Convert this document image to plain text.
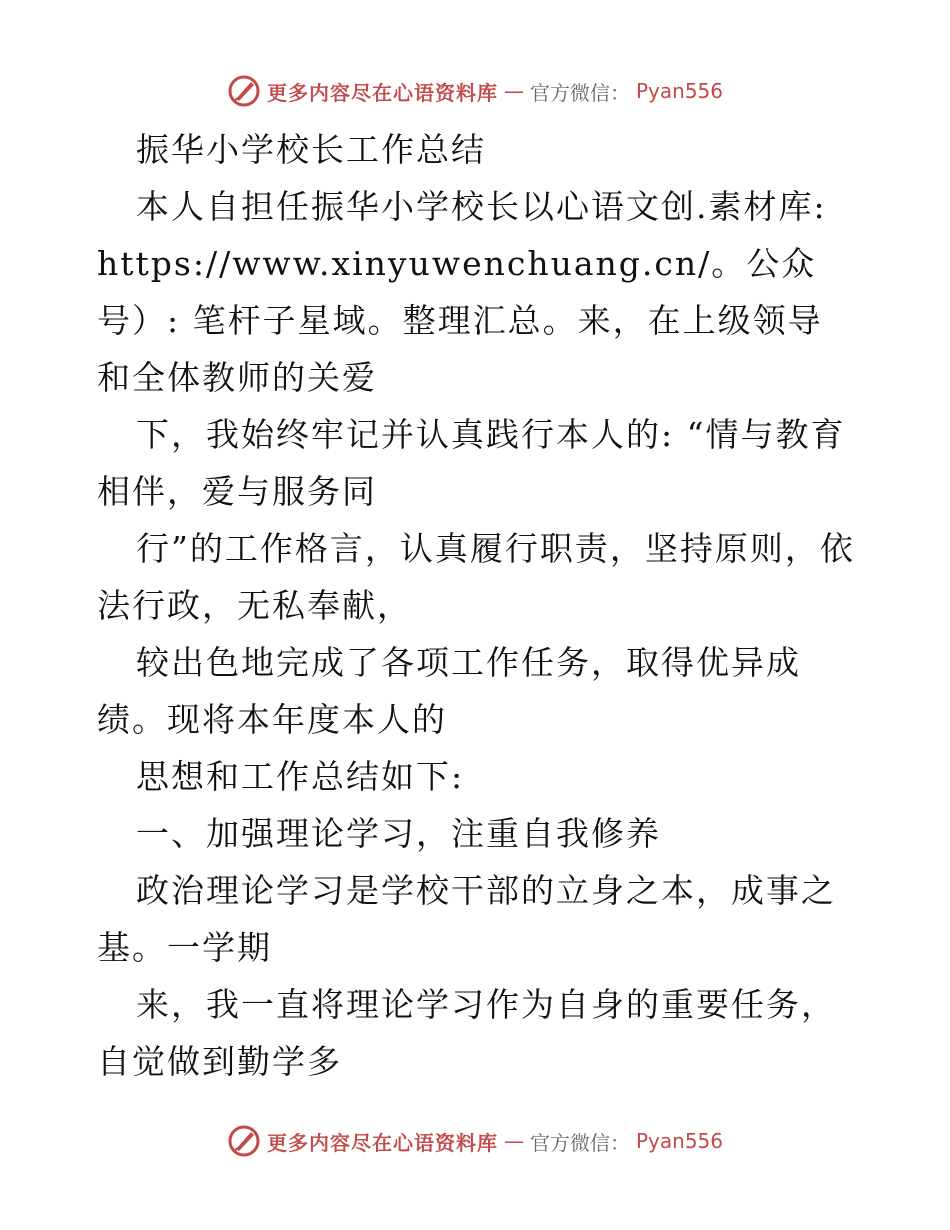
更多内容尽在心语资料库 — 官方微信： Pyan556

振华小学校长工作总结

本人自担任振华小学校长以心语文创.素材库: https://www.xinyuwenchuang.cn/。公众号）: 笔杆子星域。整理汇总。来，在上级领导和全体教师的关爱

下，我始终牢记并认真践行本人的: “情与教育相伴，爱与服务同

行”的工作格言，认真履行职责，坚持原则，依法行政，无私奉献，

较出色地完成了各项工作任务，取得优异成绩。现将本年度本人的

思想和工作总结如下:

一、加强理论学习，注重自我修养

政治理论学习是学校干部的立身之本，成事之基。一学期

来，我一直将理论学习作为自身的重要任务，自觉做到勤学多

更多内容尽在心语资料库 — 官方微信： Pyan556
